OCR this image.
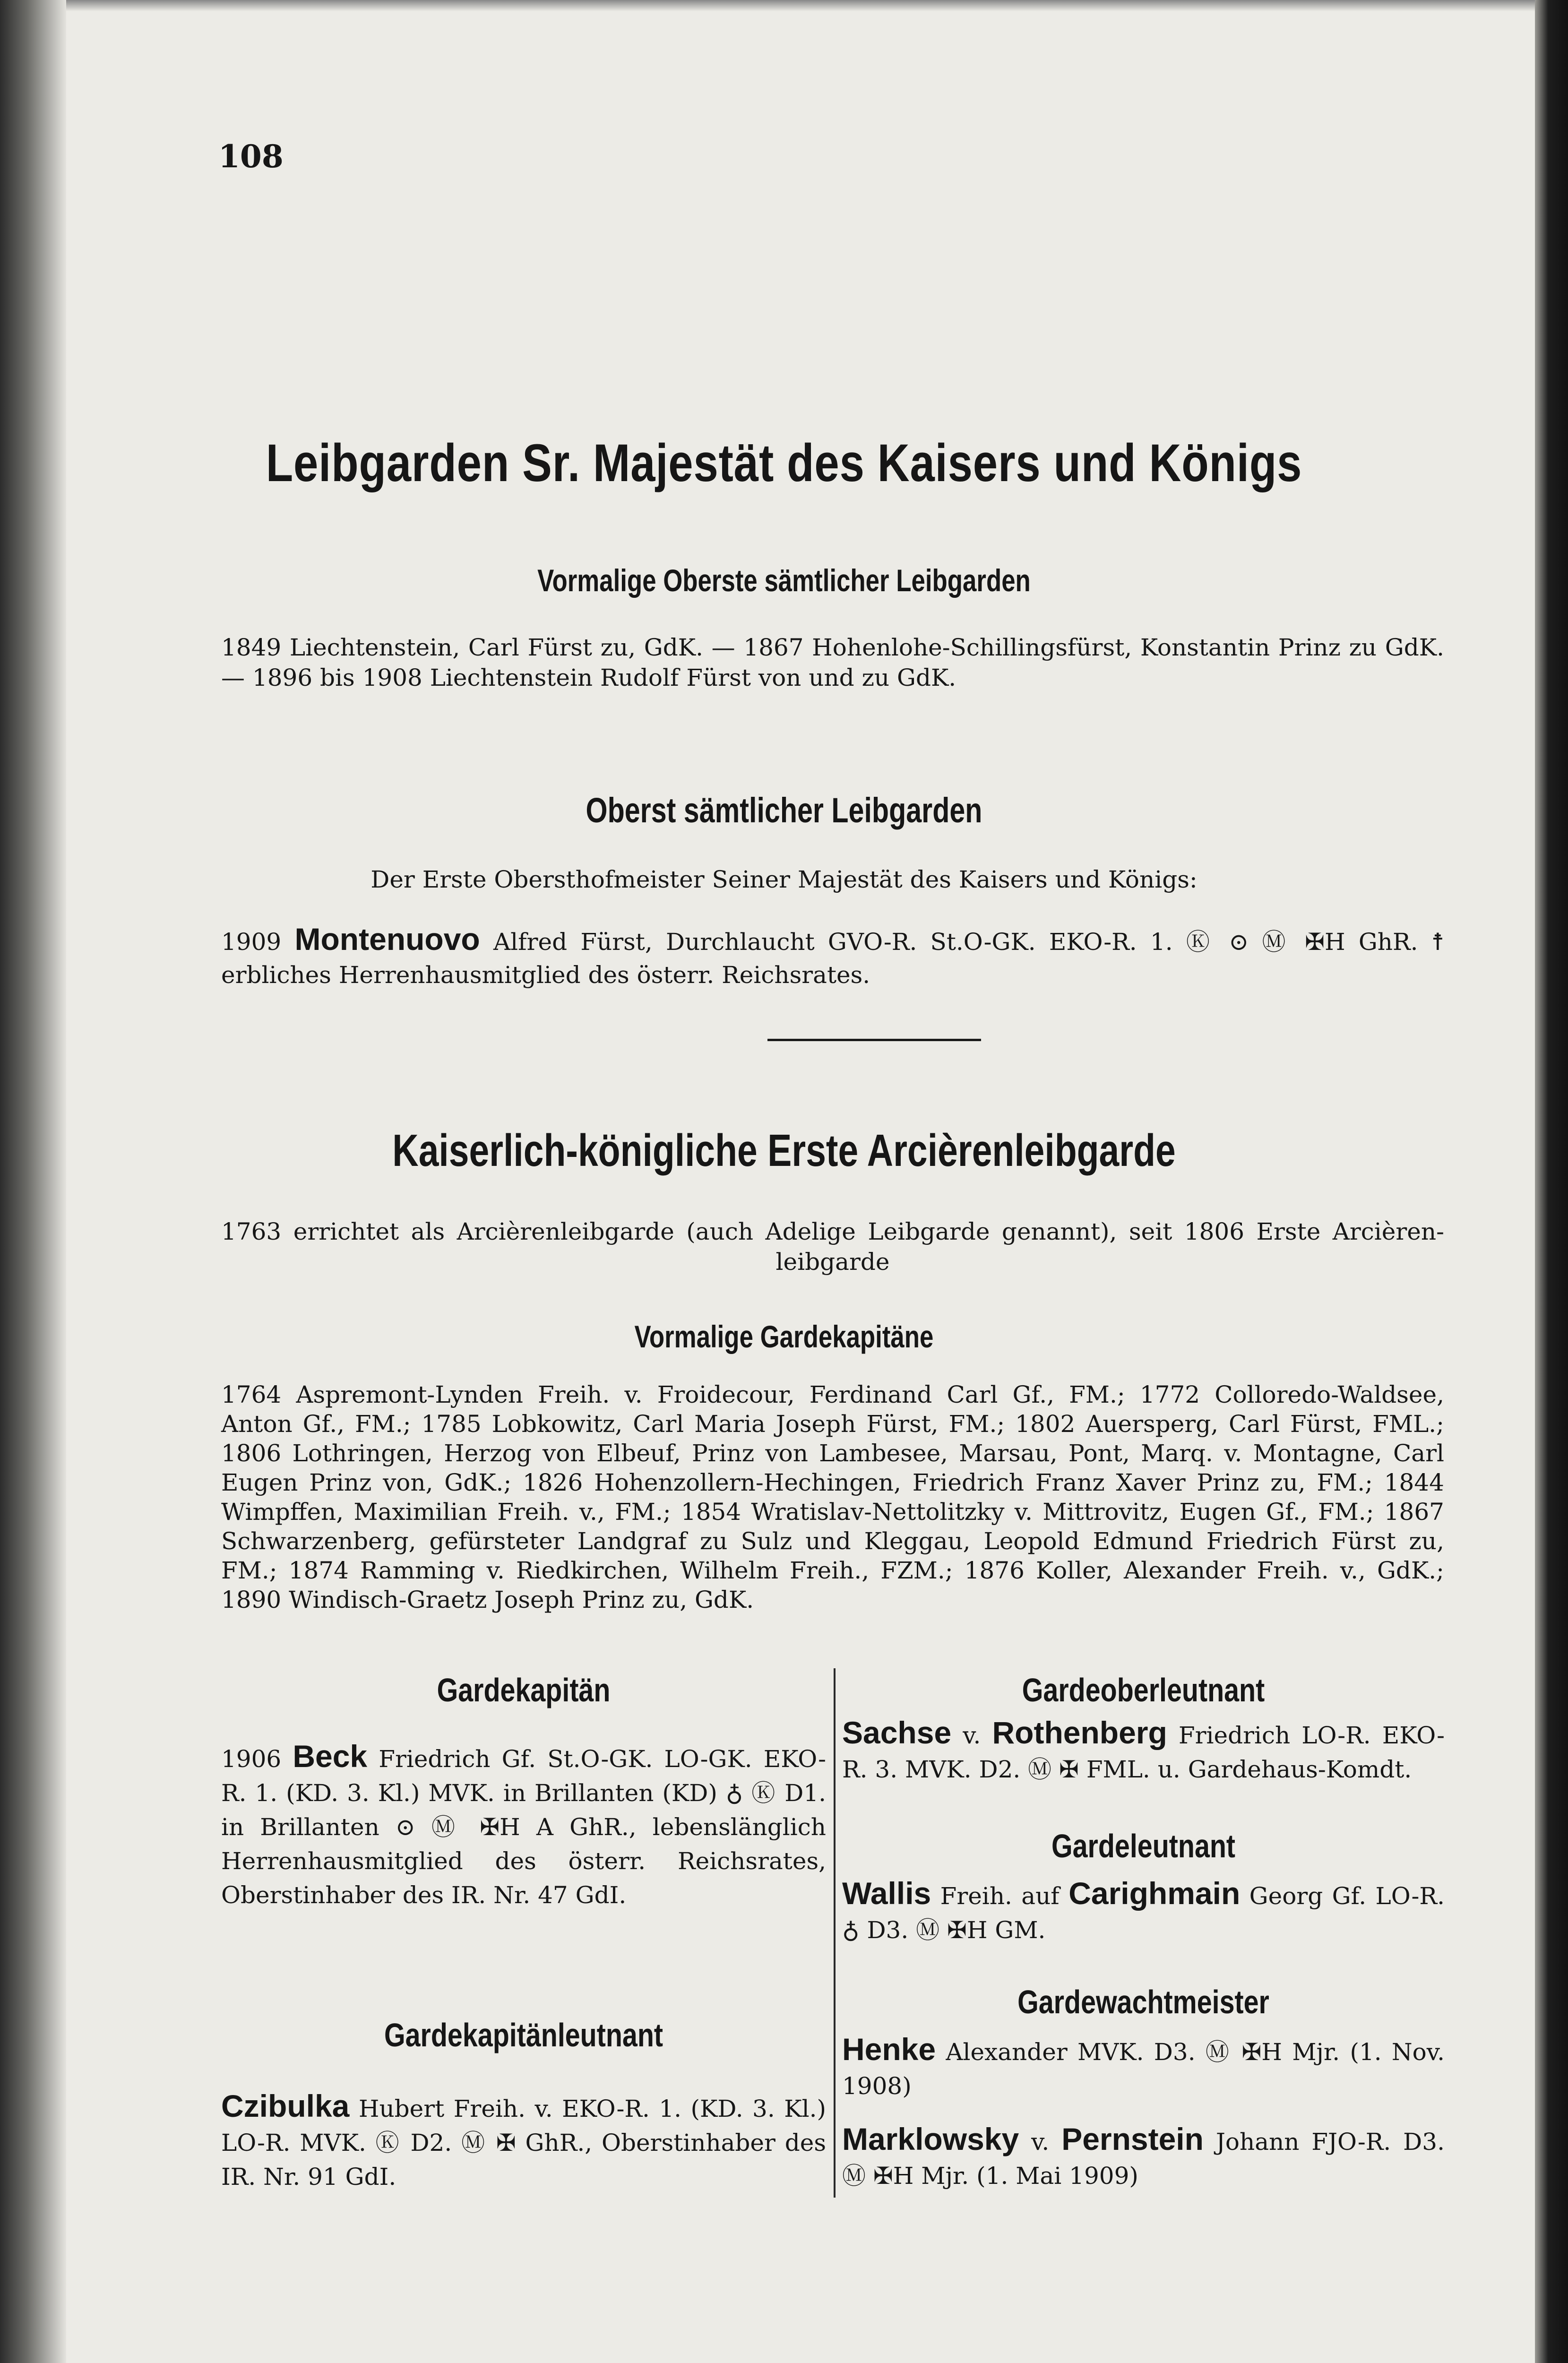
108
Leibgarden Sr. Majestät des Kaisers und Königs
Vormalige Oberste sämtlicher Leibgarden
1849 Liechtenstein, Carl Fürst zu, GdK. — 1867 Hohenlohe-Schillingsfürst, Konstantin Prinz zu GdK. — 1896 bis 1908 Liechtenstein Rudolf Fürst von und zu GdK.
Oberst sämtlicher Leibgarden
Der Erste Obersthofmeister Seiner Majestät des Kaisers und Königs:
1909 Montenuovo Alfred Fürst, Durchlaucht GVO-R. St.O-GK. EKO-R. 1. Ⓚ ⊙ Ⓜ ✠H GhR. ☨ erbliches Herrenhausmitglied des österr. Reichsrates.
Kaiserlich-königliche Erste Arcièrenleibgarde
1763 errichtet als Arcièrenleibgarde (auch Adelige Leibgarde genannt), seit 1806 Erste Arcièrenleibgarde
Vormalige Gardekapitäne
1764 Aspremont-Lynden Freih. v. Froidecour, Ferdinand Carl Gf., FM.; 1772 Colloredo-Waldsee, Anton Gf., FM.; 1785 Lobkowitz, Carl Maria Joseph Fürst, FM.; 1802 Auersperg, Carl Fürst, FML.; 1806 Lothringen, Herzog von Elbeuf, Prinz von Lambesee, Marsau, Pont, Marq. v. Montagne, Carl Eugen Prinz von, GdK.; 1826 Hohenzollern-Hechingen, Friedrich Franz Xaver Prinz zu, FM.; 1844 Wimpffen, Maximilian Freih. v., FM.; 1854 Wratislav-Nettolitzky v. Mittrovitz, Eugen Gf., FM.; 1867 Schwarzenberg, gefürsteter Landgraf zu Sulz und Kleggau, Leopold Edmund Friedrich Fürst zu, FM.; 1874 Ramming v. Riedkirchen, Wilhelm Freih., FZM.; 1876 Koller, Alexander Freih. v., GdK.; 1890 Windisch-Graetz Joseph Prinz zu, GdK.
Gardekapitän
1906 Beck Friedrich Gf. St.O-GK. LO-GK. EKO-R. 1. (KD. 3. Kl.) MVK. in Brillanten (KD) ♁ Ⓚ D1. in Brillanten ⊙ Ⓜ ✠H A GhR., lebenslänglich Herrenhausmitglied des österr. Reichsrates, Oberstinhaber des IR. Nr. 47 GdI.
Gardekapitänleutnant
Czibulka Hubert Freih. v. EKO-R. 1. (KD. 3. Kl.) LO-R. MVK. Ⓚ D2. Ⓜ ✠ GhR., Oberstinhaber des IR. Nr. 91 GdI.
Gardeoberleutnant
Sachse v. Rothenberg Friedrich LO-R. EKO-R. 3. MVK. D2. Ⓜ ✠ FML. u. Gardehaus-Komdt.
Gardeleutnant
Wallis Freih. auf Carighmain Georg Gf. LO-R. ♁ D3. Ⓜ ✠H GM.
Gardewachtmeister
Henke Alexander MVK. D3. Ⓜ ✠H Mjr. (1. Nov. 1908)
Marklowsky v. Pernstein Johann FJO-R. D3. Ⓜ ✠H Mjr. (1. Mai 1909)
